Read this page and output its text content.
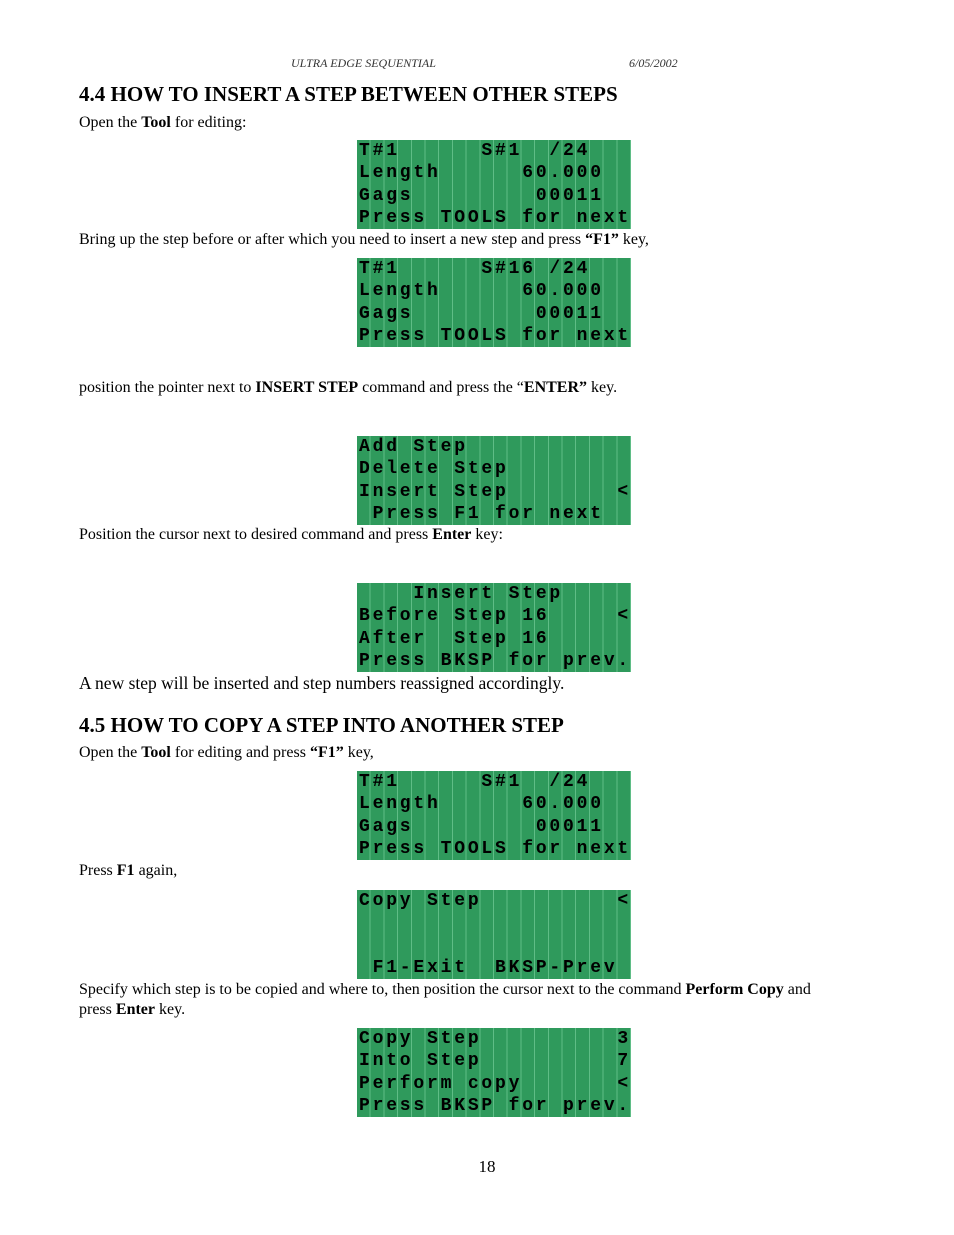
ULTRA EDGE SEQUENTIAL	6/05/2002
4.4 HOW TO INSERT A STEP BETWEEN OTHER STEPS
Open the Tool for editing:
T#1      S#1  /24
Length      60.000
Gags         00011
Press TOOLS for next
Bring up the step before or after which you need to insert a new step and press “F1” key,
T#1      S#16 /24
Length      60.000
Gags         00011
Press TOOLS for next
position the pointer next to INSERT STEP command and press the “ENTER” key.
Add Step
Delete Step
Insert Step        <
Press F1 for next
Position the cursor next to desired command and press Enter key:
Insert Step
Before Step 16     <
After  Step 16
Press BKSP for prev.
A new step will be inserted and step numbers reassigned accordingly.
4.5 HOW TO COPY A STEP INTO ANOTHER STEP
Open the Tool for editing and press “F1” key,
T#1      S#1  /24
Length      60.000
Gags         00011
Press TOOLS for next
Press F1 again,
Copy Step          <
F1-Exit  BKSP-Prev
Specify which step is to be copied and where to, then position the cursor next to the command Perform Copy and
press Enter key.
Copy Step          3
Into Step          7
Perform copy       <
Press BKSP for prev.
18
